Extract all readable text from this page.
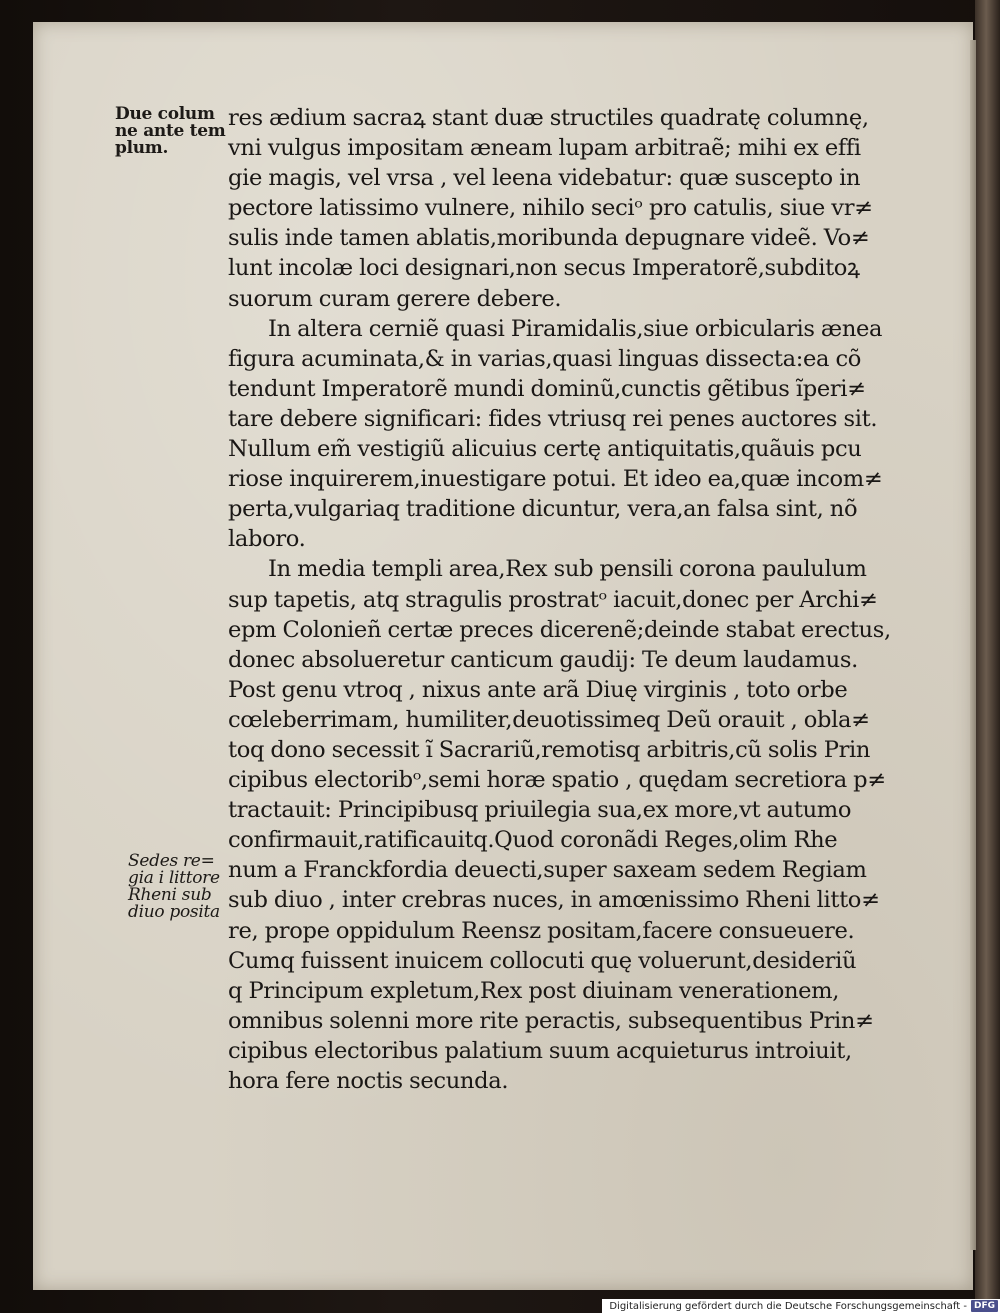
Due colum
ne ante tem
plum.
Sedes re=
gia i littore
Rheni sub
diuo posita
res ædium sacraꝝ stant duæ structiles quadratę columnę,
vni vulgus impositam æneam lupam arbitraẽ; mihi ex effi
gie magis, vel vrsa , vel leena videbatur: quæ suscepto in
pectore latissimo vulnere, nihilo seciᵒ pro catulis, siue vr≠
sulis inde tamen ablatis,moribunda depugnare videẽ. Vo≠
lunt incolæ loci designari,non secus Imperatorẽ,subditoꝝ
suorum curam gerere debere.
In altera cerniẽ quasi Piramidalis,siue orbicularis ænea
figura acuminata,& in varias,quasi linguas dissecta:ea cõ
tendunt Imperatorẽ mundi dominũ,cunctis gẽtibus ĩperi≠
tare debere significari: fides vtriusq rei penes auctores sit.
Nullum em̃ vestigiũ alicuius certę antiquitatis,quãuis pcu
riose inquirerem,inuestigare potui. Et ideo ea,quæ incom≠
perta,vulgariaq traditione dicuntur, vera,an falsa sint, nõ
laboro.
In media templi area,Rex sub pensili corona paululum
sup tapetis, atq stragulis prostratᵒ iacuit,donec per Archi≠
epm Colonieñ certæ preces dicerenẽ;deinde stabat erectus,
donec absolueretur canticum gaudij: Te deum laudamus.
Post genu vtroq , nixus ante arã Diuę virginis , toto orbe
cœleberrimam, humiliter,deuotissimeq Deũ orauit , obla≠
toq dono secessit ĩ Sacrariũ,remotisq arbitris,cũ solis Prin
cipibus electoribᵒ,semi horæ spatio , quędam secretiora p≠
tractauit: Principibusq priuilegia sua,ex more,vt autumo
confirmauit,ratificauitq.Quod coronãdi Reges,olim Rhe
num a Franckfordia deuecti,super saxeam sedem Regiam
sub diuo , inter crebras nuces, in amœnissimo Rheni litto≠
re, prope oppidulum Reensz positam,facere consueuere.
Cumq fuissent inuicem collocuti quę voluerunt,desideriũ
q Principum expletum,Rex post diuinam venerationem,
omnibus solenni more rite peractis, subsequentibus Prin≠
cipibus electoribus palatium suum acquieturus introiuit,
hora fere noctis secunda.
Digitalisierung gefördert durch die Deutsche Forschungsgemeinschaft - DFG
